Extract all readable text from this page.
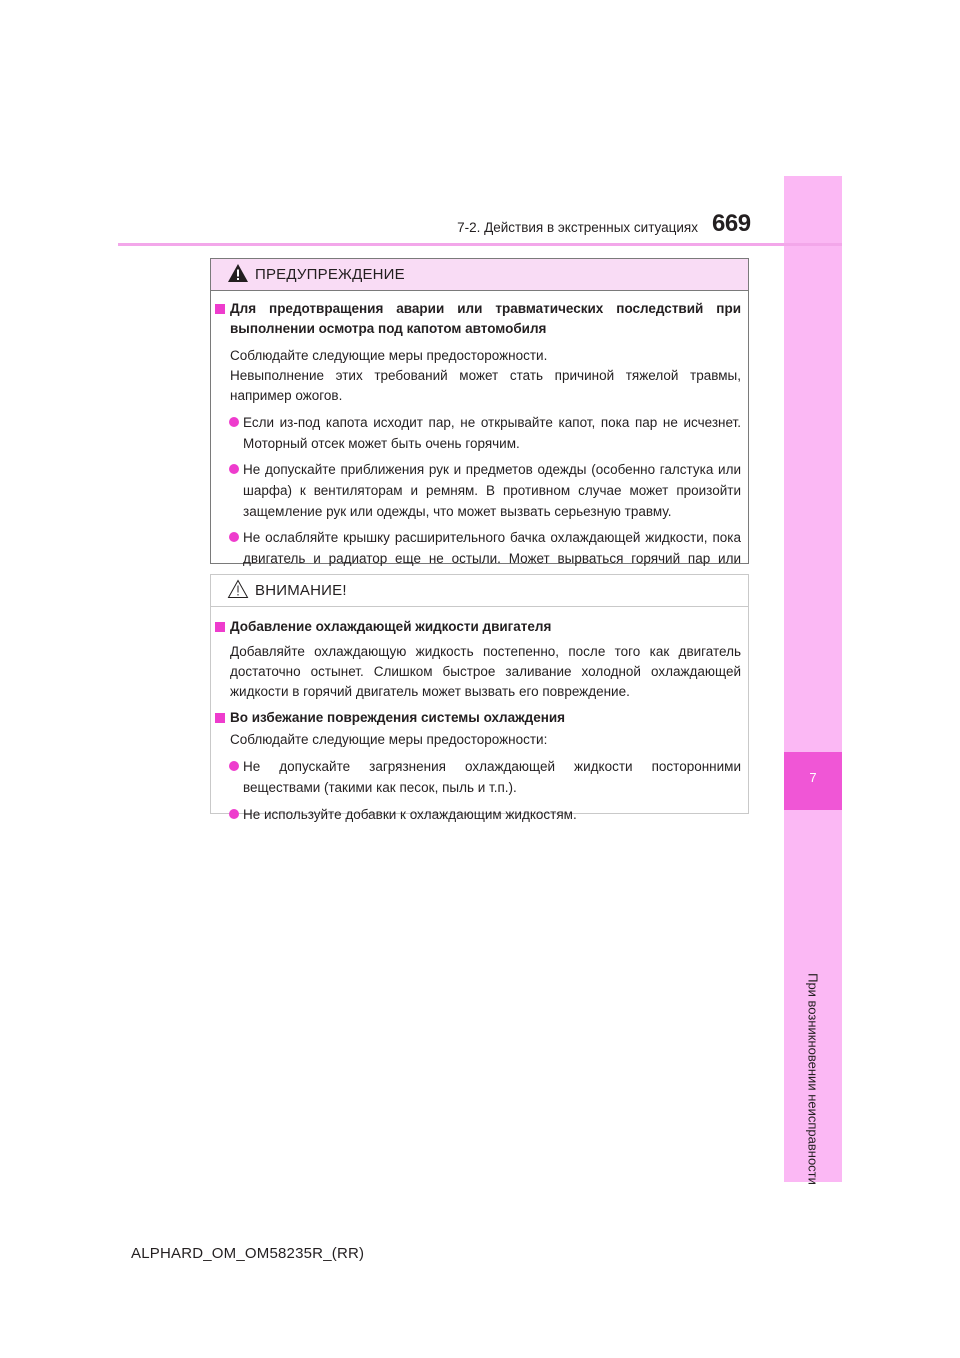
7
При возникновении неисправности
7-2. Действия в экстренных ситуациях 669
ПРЕДУПРЕЖДЕНИЕ
Для предотвращения аварии или травматических последствий при выполнении осмотра под капотом автомобиля
Соблюдайте следующие меры предосторожности.
Невыполнение этих требований может стать причиной тяжелой травмы, например ожогов.
Если из-под капота исходит пар, не открывайте капот, пока пар не исчезнет. Моторный отсек может быть очень горячим.
Не допускайте приближения рук и предметов одежды (особенно галстука или шарфа) к вентиляторам и ремням. В противном случае может произойти защемление рук или одежды, что может вызвать серьезную травму.
Не ослабляйте крышку расширительного бачка охлаждающей жидкости, пока двигатель и радиатор еще не остыли. Может вырваться горячий пар или
ВНИМАНИЕ!
Добавление охлаждающей жидкости двигателя
Добавляйте охлаждающую жидкость постепенно, после того как двигатель достаточно остынет. Слишком быстрое заливание холодной охлаждающей жидкости в горячий двигатель может вызвать его повреждение.
Во избежание повреждения системы охлаждения
Соблюдайте следующие меры предосторожности:
Не допускайте загрязнения охлаждающей жидкости посторонними веществами (такими как песок, пыль и т.п.).
Не используйте добавки к охлаждающим жидкостям.
ALPHARD_OM_OM58235R_(RR)
